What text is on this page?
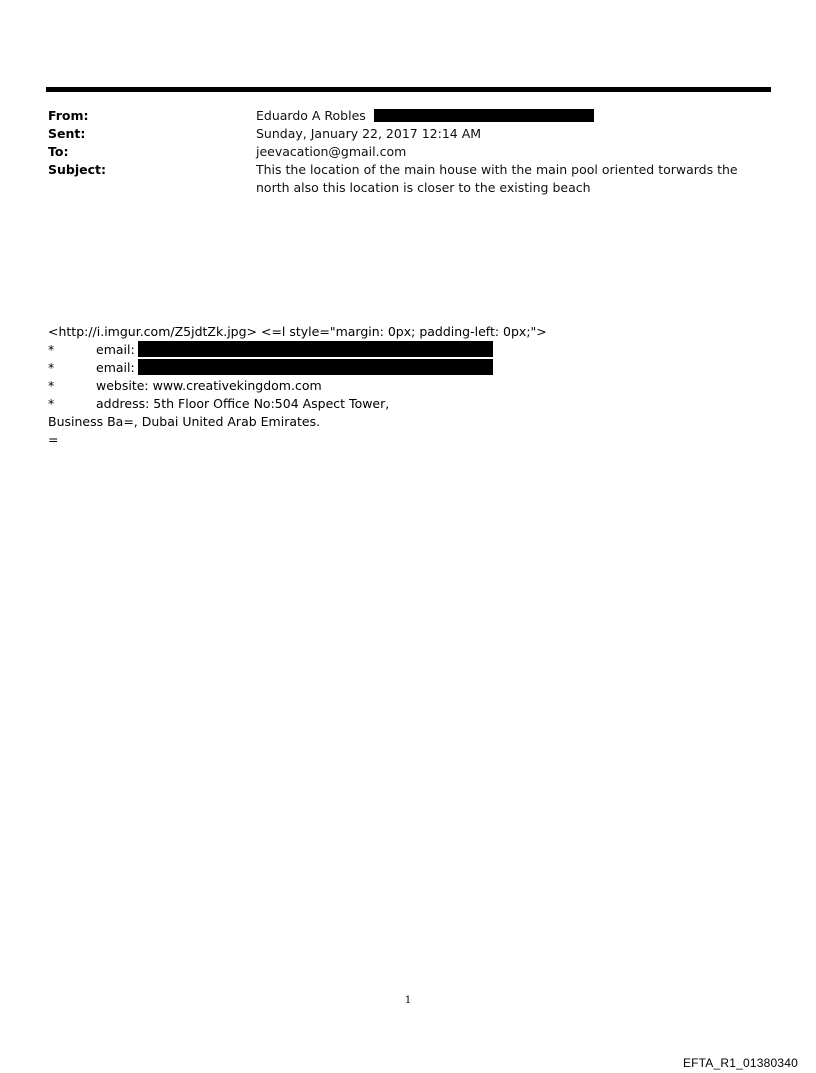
From:	Eduardo A Robles
Sent:	Sunday, January 22, 2017 12:14 AM
To:	jeevacation@gmail.com
Subject:	This the location of the main house with the main pool oriented torwards the north also this location is closer to the existing beach
<http://i.imgur.com/Z5jdtZk.jpg> <=l style="margin: 0px; padding-left: 0px;">
*	email:
*	email:
*	website: www.creativekingdom.com
*	address: 5th Floor Office No:504 Aspect Tower,
Business Ba=, Dubai United Arab Emirates.
=
1
EFTA_R1_01380340
